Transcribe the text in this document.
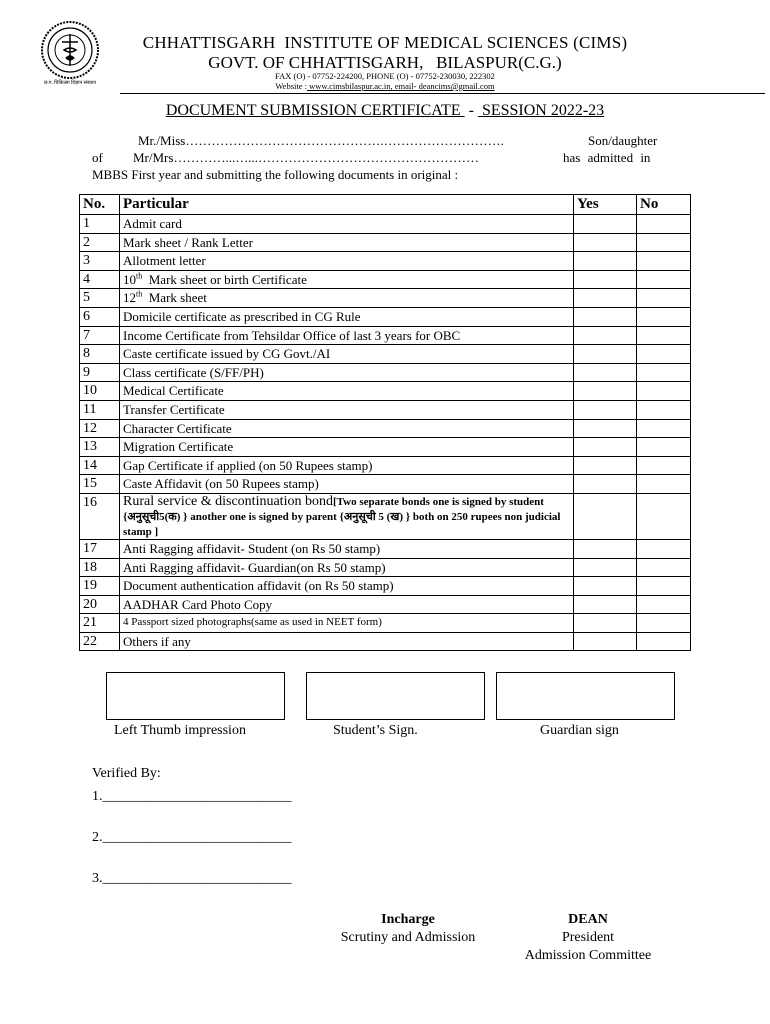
छ.ग. चिकित्सा विज्ञान संस्थान
CHHATTISGARH  INSTITUTE OF MEDICAL SCIENCES (CIMS)
GOVT. OF CHHATTISGARH,   BILASPUR(C.G.)
FAX (O) - 07752-224200, PHONE (O) - 07752-230030, 222302
Website : www.cimsbilaspur.ac.in, email- deancims@gmail.com
DOCUMENT SUBMISSION CERTIFICATE  -  SESSION 2022-23
Mr./Miss……………………………………….……………………….	Son/daughter
of Mr/Mrs…………...…...……………………………………………	has admitted in
MBBS First year and submitting the following documents in original :
No.	Particular	Yes	No
1	Admit card		
2	Mark sheet / Rank Letter		
3	Allotment letter		
4	10th  Mark sheet or birth Certificate		
5	12th  Mark sheet		
6	Domicile certificate as prescribed in CG Rule		
7	Income Certificate from Tehsildar Office of last 3 years for OBC		
8	Caste certificate issued by CG Govt./AI		
9	Class certificate (S/FF/PH)		
10	Medical Certificate		
11	Transfer Certificate		
12	Character Certificate		
13	Migration Certificate		
14	Gap Certificate if applied (on 50 Rupees stamp)		
15	Caste Affidavit (on 50 Rupees stamp)		
16	Rural service & discontinuation bond[Two separate bonds one is signed by student {अनुसूची5(क) } another one is signed by parent {अनुसूची 5 (ख) } both on 250 rupees non judicial stamp ]		
17	Anti Ragging affidavit- Student (on Rs 50 stamp)		
18	Anti Ragging affidavit- Guardian(on Rs 50 stamp)		
19	Document authentication affidavit (on Rs 50 stamp)		
20	AADHAR Card Photo Copy		
21	4 Passport sized photographs(same as used in NEET form)		
22	Others if any		
Left Thumb impression	Student’s Sign.	Guardian sign
Verified By:
1.___________________________
2.___________________________
3.___________________________
Incharge
Scrutiny and Admission
DEAN
President
Admission Committee
